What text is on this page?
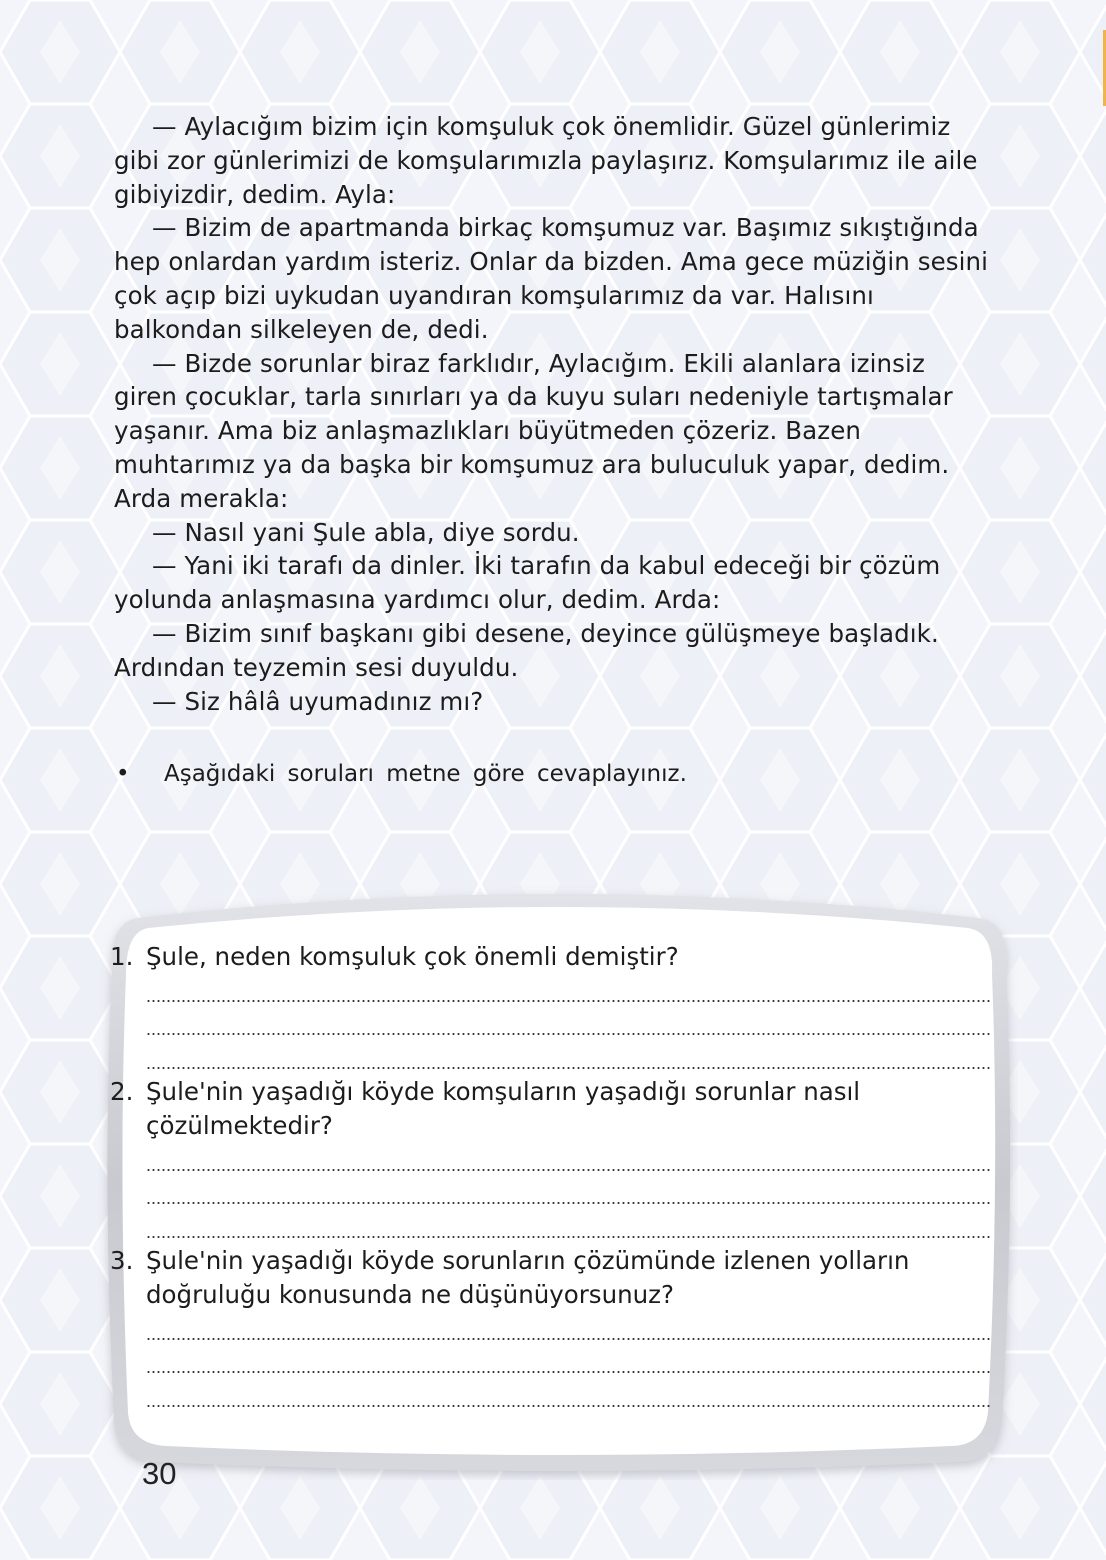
— Aylacığım bizim için komşuluk çok önemlidir. Güzel günlerimiz gibi zor günlerimizi de komşularımızla paylaşırız. Komşularımız ile aile gibiyizdir, dedim. Ayla:

— Bizim de apartmanda birkaç komşumuz var. Başımız sıkıştığında hep onlardan yardım isteriz. Onlar da bizden. Ama gece müziğin sesini çok açıp bizi uykudan uyandıran komşularımız da var. Halısını balkondan silkeleyen de, dedi.

— Bizde sorunlar biraz farklıdır, Aylacığım. Ekili alanlara izinsiz giren çocuklar, tarla sınırları ya da kuyu suları nedeniyle tartışmalar yaşanır. Ama biz anlaşmazlıkları büyütmeden çözeriz. Bazen muhtarımız ya da başka bir komşumuz ara buluculuk yapar, dedim. Arda merakla:

— Nasıl yani Şule abla, diye sordu.

— Yani iki tarafı da dinler. İki tarafın da kabul edeceği bir çözüm yolunda anlaşmasına yardımcı olur, dedim. Arda:

— Bizim sınıf başkanı gibi desene, deyince gülüşmeye başladık. Ardından teyzemin sesi duyuldu.

— Siz hâlâ uyumadınız mı?

• Aşağıdaki soruları metne göre cevaplayınız.
1. Şule, neden komşuluk çok önemli demiştir?
2. Şule'nin yaşadığı köyde komşuların yaşadığı sorunlar nasıl çözülmektedir?
3. Şule'nin yaşadığı köyde sorunların çözümünde izlenen yolların doğruluğu konusunda ne düşünüyorsunuz?
30
